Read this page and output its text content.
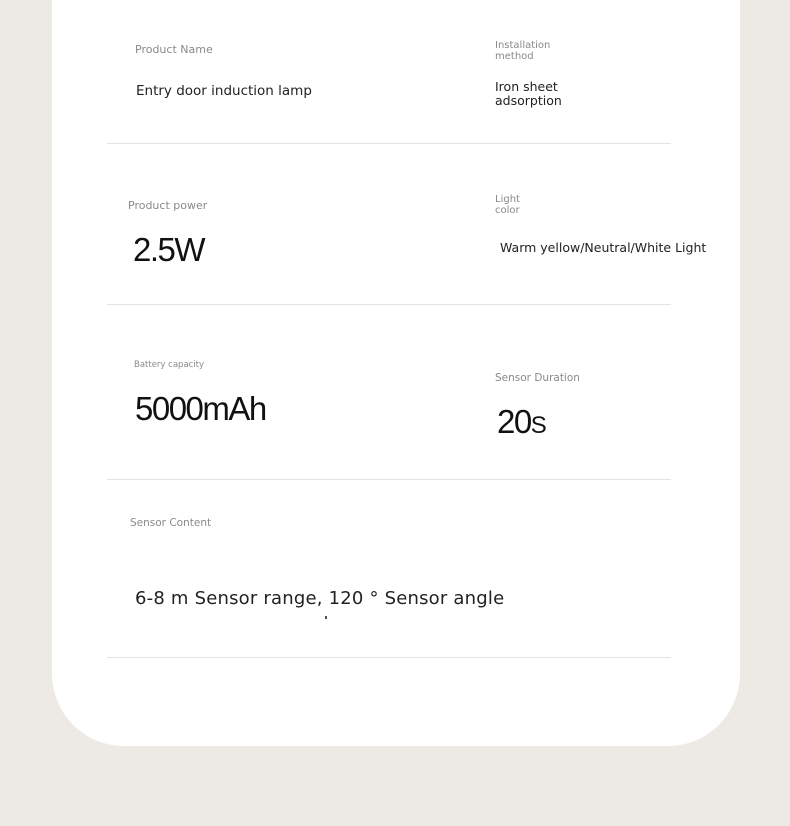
Product Name
Entry door induction lamp
Installation method
Iron sheet adsorption
Product power
2.5W
Light color
Warm yellow/Neutral/White Light
Battery capacity
5000mAh
Sensor Duration
20S
Sensor Content
6-8 m Sensor range, 120 ° Sensor angle
